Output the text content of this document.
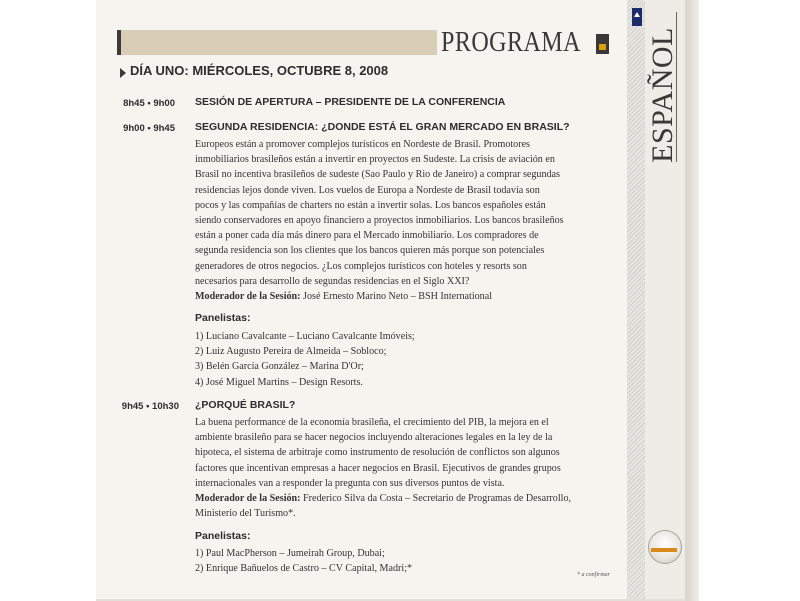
ESPAÑOL
PROGRAMA
DÍA UNO: MIÉRCOLES, OCTUBRE 8, 2008
8h45 • 9h00 SESIÓN DE APERTURA – PRESIDENTE DE LA CONFERENCIA
9h00 • 9h45 SEGUNDA RESIDENCIA: ¿DONDE ESTÁ EL GRAN MERCADO EN BRASIL?
Europeos están a promover complejos turísticos en Nordeste de Brasil. Promotores
inmobiliarios brasileños están a invertir en proyectos en Sudeste. La crisis de aviación en
Brasil no incentiva brasileños de sudeste (Sao Paulo y Rio de Janeiro) a comprar segundas
residencias lejos donde viven. Los vuelos de Europa a Nordeste de Brasil todavía son
pocos y las compañías de charters no están a invertir solas. Los bancos españoles están
siendo conservadores en apoyo financiero a proyectos inmobiliarios. Los bancos brasileños
están a poner cada día más dinero para el Mercado inmobiliario. Los compradores de
segunda residencia son los clientes que los bancos quieren más porque son potenciales
generadores de otros negocios. ¿Los complejos turísticos con hoteles y resorts son
necesarios para desarrollo de segundas residencias en el Siglo XXI?
Moderador de la Sesión: José Ernesto Marino Neto – BSH International
Panelistas:
1) Luciano Cavalcante – Luciano Cavalcante Imóveis;
2) Luiz Augusto Pereira de Almeida – Sobloco;
3) Belén García González – Marina D'Or;
4) José Miguel Martins – Design Resorts.
9h45 • 10h30 ¿PORQUÉ BRASIL?
La buena performance de la economía brasileña, el crecimiento del PIB, la mejora en el
ambiente brasileño para se hacer negocios incluyendo alteraciones legales en la ley de la
hipoteca, el sistema de arbitraje como instrumento de resolución de conflictos son algunos
factores que incentivan empresas a hacer negocios en Brasil. Ejecutivos de grandes grupos
internacionales van a responder la pregunta con sus diversos puntos de vista.
Moderador de la Sesión: Frederico Silva da Costa – Secretario de Programas de Desarrollo,
Ministerio del Turismo*.
Panelistas:
1) Paul MacPherson – Jumeirah Group, Dubai;
2) Enrique Bañuelos de Castro – CV Capital, Madri;*
* a confirmar
